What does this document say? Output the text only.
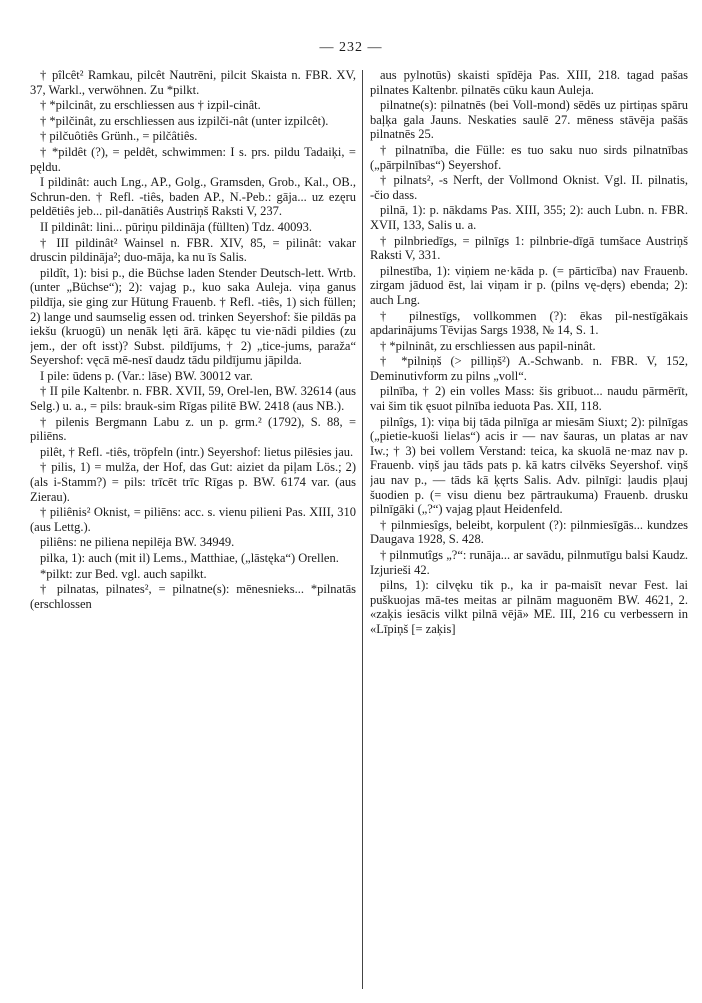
— 232 —

† pîlcêt² Ramkau, pilcêt Nautrēni, pilcit Skaista n. FBR. XV, 37, Warkl., verwöhnen. Zu *pilkt.

† *pilcinât, zu erschliessen aus † izpil-cinât.

† *pilčinât, zu erschliessen aus izpilči-nât (unter izpilcêt).

† pilčuôtiês Grünh., = pilčâtiês.

† *pildêt (?), = peldêt, schwimmen: I s. prs. pildu Tadaiķi, = pęldu.

I pildinât: auch Lng., AP., Golg., Gramsden, Grob., Kal., OB., Schrun-den. † Refl. -tiês, baden AP., N.-Peb.: gāja... uz ezęru peldētiês jeb... pil-danātiês Austriņš Raksti V, 237.

II pildinât: lini... pūriņu pildināja (füllten) Tdz. 40093.

† III pildinât² Wainsel n. FBR. XIV, 85, = pilinât: vakar druscin pildināja²; duo-māja, ka nu īs Salis.

pildît, 1): bisi p., die Büchse laden Stender Deutsch-lett. Wrtb. (unter „Büchse“); 2): vajag p., kuo saka Auleja. viņa ganus pildīja, sie ging zur Hütung Frauenb. † Refl. -tiês, 1) sich füllen; 2) lange und saumselig essen od. trinken Seyershof: šie pildās pa iekšu (kruogū) un nenāk lęti ārā. kāpęc tu vie·nādi pildies (zu jem., der oft isst)? Subst. pildījums, † 2) „tice-jums, paraža“ Seyershof: vęcā mē-nesī daudz tādu pildījumu jāpilda.

I pile: ūdens p. (Var.: lāse) BW. 30012 var.

† II pile Kaltenbr. n. FBR. XVII, 59, Orel-len, BW. 32614 (aus Selg.) u. a., = pils: brauk-sim Rīgas pilitē BW. 2418 (aus NB.).

† pilenis Bergmann Labu z. un p. grm.² (1792), S. 88, = piliēns.

pilêt, † Refl. -tiês, tröpfeln (intr.) Seyershof: lietus pilēsies jau.

† pilis, 1) = mulža, der Hof, das Gut: aiziet da piļam Lös.; 2) (als i-Stamm?) = pils: trīcēt trīc Rīgas p. BW. 6174 var. (aus Zierau).

† piliênis² Oknist, = piliēns: acc. s. vienu pilieni Pas. XIII, 310 (aus Lettg.).

piliêns: ne piliena nepilēja BW. 34949.

pilka, 1): auch (mit il) Lems., Matthiae, („lāstęka“) Orellen.

*pilkt: zur Bed. vgl. auch sapilkt.

† pilnatas, pilnates², = pilnatne(s): mēnesnieks... *pilnatās (erschlossen

aus pylnotūs) skaisti spīdēja Pas. XIII, 218. tagad pašas pilnates Kaltenbr. pilnatēs cūku kaun Auleja.

pilnatne(s): pilnatnēs (bei Voll-mond) sēdēs uz pirtiņas spāru baļķa gala Jauns. Neskaties saulē 27. mēness stāvēja pašās pilnatnēs 25.

† pilnatnība, die Fülle: es tuo saku nuo sirds pilnatnības („pārpilnības“) Seyershof.

† pilnats², -s Nerft, der Vollmond Oknist. Vgl. II. pilnatis, -čio dass.

pilnā, 1): p. nākdams Pas. XIII, 355; 2): auch Lubn. n. FBR. XVII, 133, Salis u. a.

† pilnbriedīgs, = pilnīgs 1: pilnbrie-dīgā tumšace Austriņš Raksti V, 331.

pilnestība, 1): viņiem ne·kāda p. (= pārticība) nav Frauenb. zirgam jāduod ēst, lai viņam ir p. (pilns vę-dęrs) ebenda; 2): auch Lng.

† pilnestīgs, vollkommen (?): ēkas pil-nestīgākais apdarinājums Tēvijas Sargs 1938, № 14, S. 1.

† *pilninât, zu erschliessen aus papil-ninât.

† *pilniņš (> pilliņš²) A.-Schwanb. n. FBR. V, 152, Deminutivform zu pilns „voll“.

pilnība, † 2) ein volles Mass: šis gribuot... naudu pārmērīt, vai šim tik ęsuot pilnība ieduota Pas. XII, 118.

pilnîgs, 1): viņa bij tāda pilnīga ar miesām Siuxt; 2): pilnīgas („pietie-kuoši lielas“) acis ir — nav šauras, un platas ar nav Iw.; † 3) bei vollem Verstand: teica, ka skuolā ne·maz nav p. Frauenb. viņš jau tāds pats p. kā katrs cilvēks Seyershof. viņš jau nav p., — tāds kā ķęrts Salis. Adv. pilnīgi: ļaudis pļauj šuodien p. (= visu dienu bez pārtraukuma) Frauenb. drusku pilnīgāki („?“) vajag pļaut Heidenfeld.

† pilnmiesîgs, beleibt, korpulent (?): pilnmiesīgās... kundzes Daugava 1928, S. 428.

† pilnmutîgs „?“: runāja... ar savādu, pilnmutīgu balsi Kaudz. Izjurieši 42.

pilns, 1): cilvęku tik p., ka ir pa-maisīt nevar Fest. lai puškuojas mā-tes meitas ar pilnām maguonēm BW. 4621, 2. «zaķis iesācis vilkt pilnā vējā» ME. III, 216 cu verbessern in «Līpiņš [= zaķis]
